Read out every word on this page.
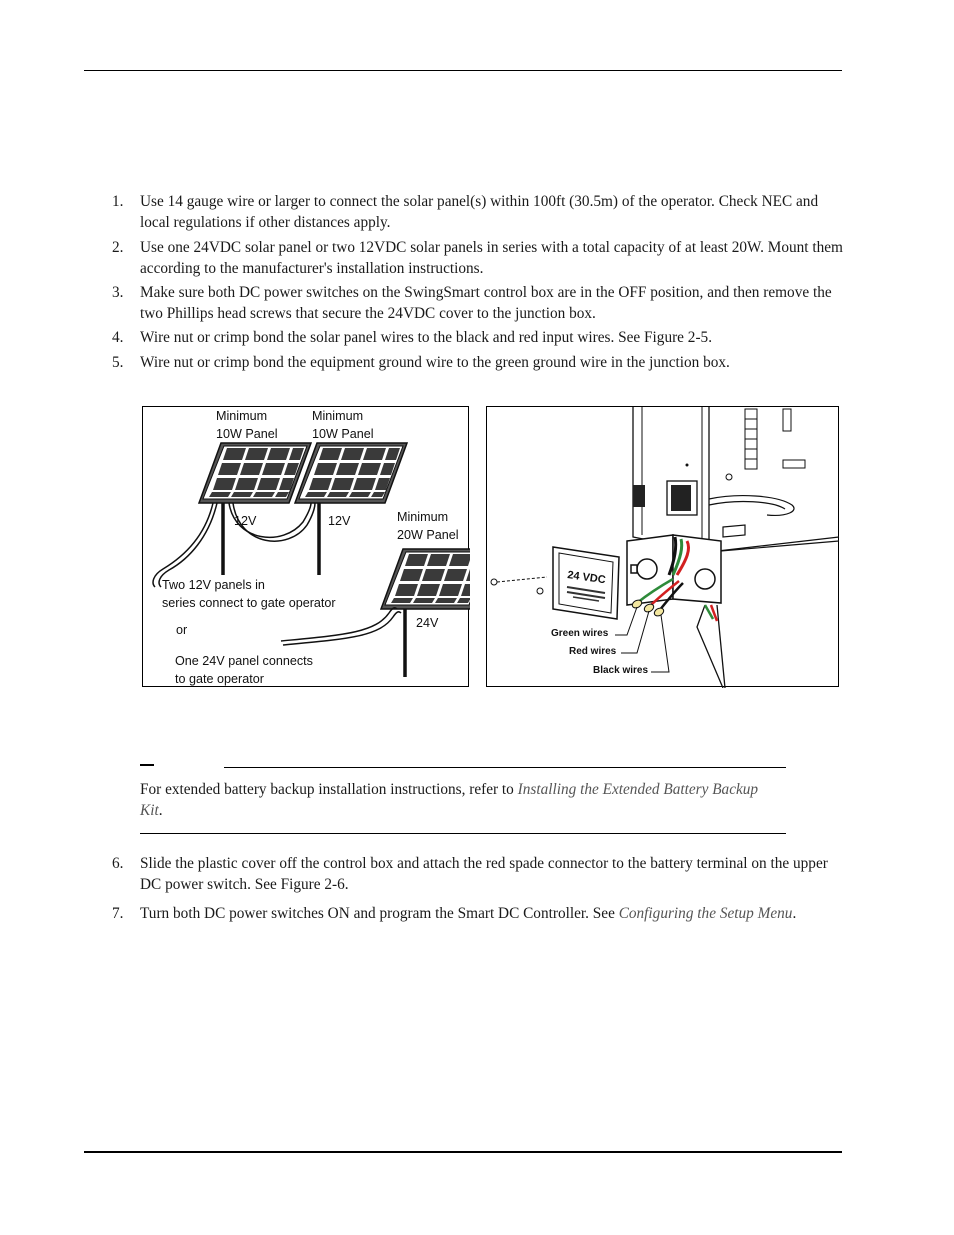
1.	Use 14 gauge wire or larger to connect the solar panel(s) within 100ft (30.5m) of the operator. Check NEC and local regulations if other distances apply.
2.	Use one 24VDC solar panel or two 12VDC solar panels in series with a total capacity of at least 20W. Mount them according to the manufacturer's installation instructions.
3.	Make sure both DC power switches on the SwingSmart control box are in the OFF position, and then remove the two Phillips head screws that secure the 24VDC cover to the junction box.
4.	Wire nut or crimp bond the solar panel wires to the black and red input wires. See Figure 2-5.
5.	Wire nut or crimp bond the equipment ground wire to the green ground wire in the junction box.
Minimum
10W Panel
Minimum
10W Panel
Minimum
20W Panel
12V	12V
24V
Two 12V panels in
series connect to gate operator
or
One 24V panel connects
to gate operator
24 VDC
Green wires
Red wires
Black wires
For extended battery backup installation instructions, refer to Installing the Extended Battery Backup Kit.
6.	Slide the plastic cover off the control box and attach the red spade connector to the battery terminal on the upper DC power switch. See Figure 2-6.
7.	Turn both DC power switches ON and program the Smart DC Controller. See Configuring the Setup Menu.
